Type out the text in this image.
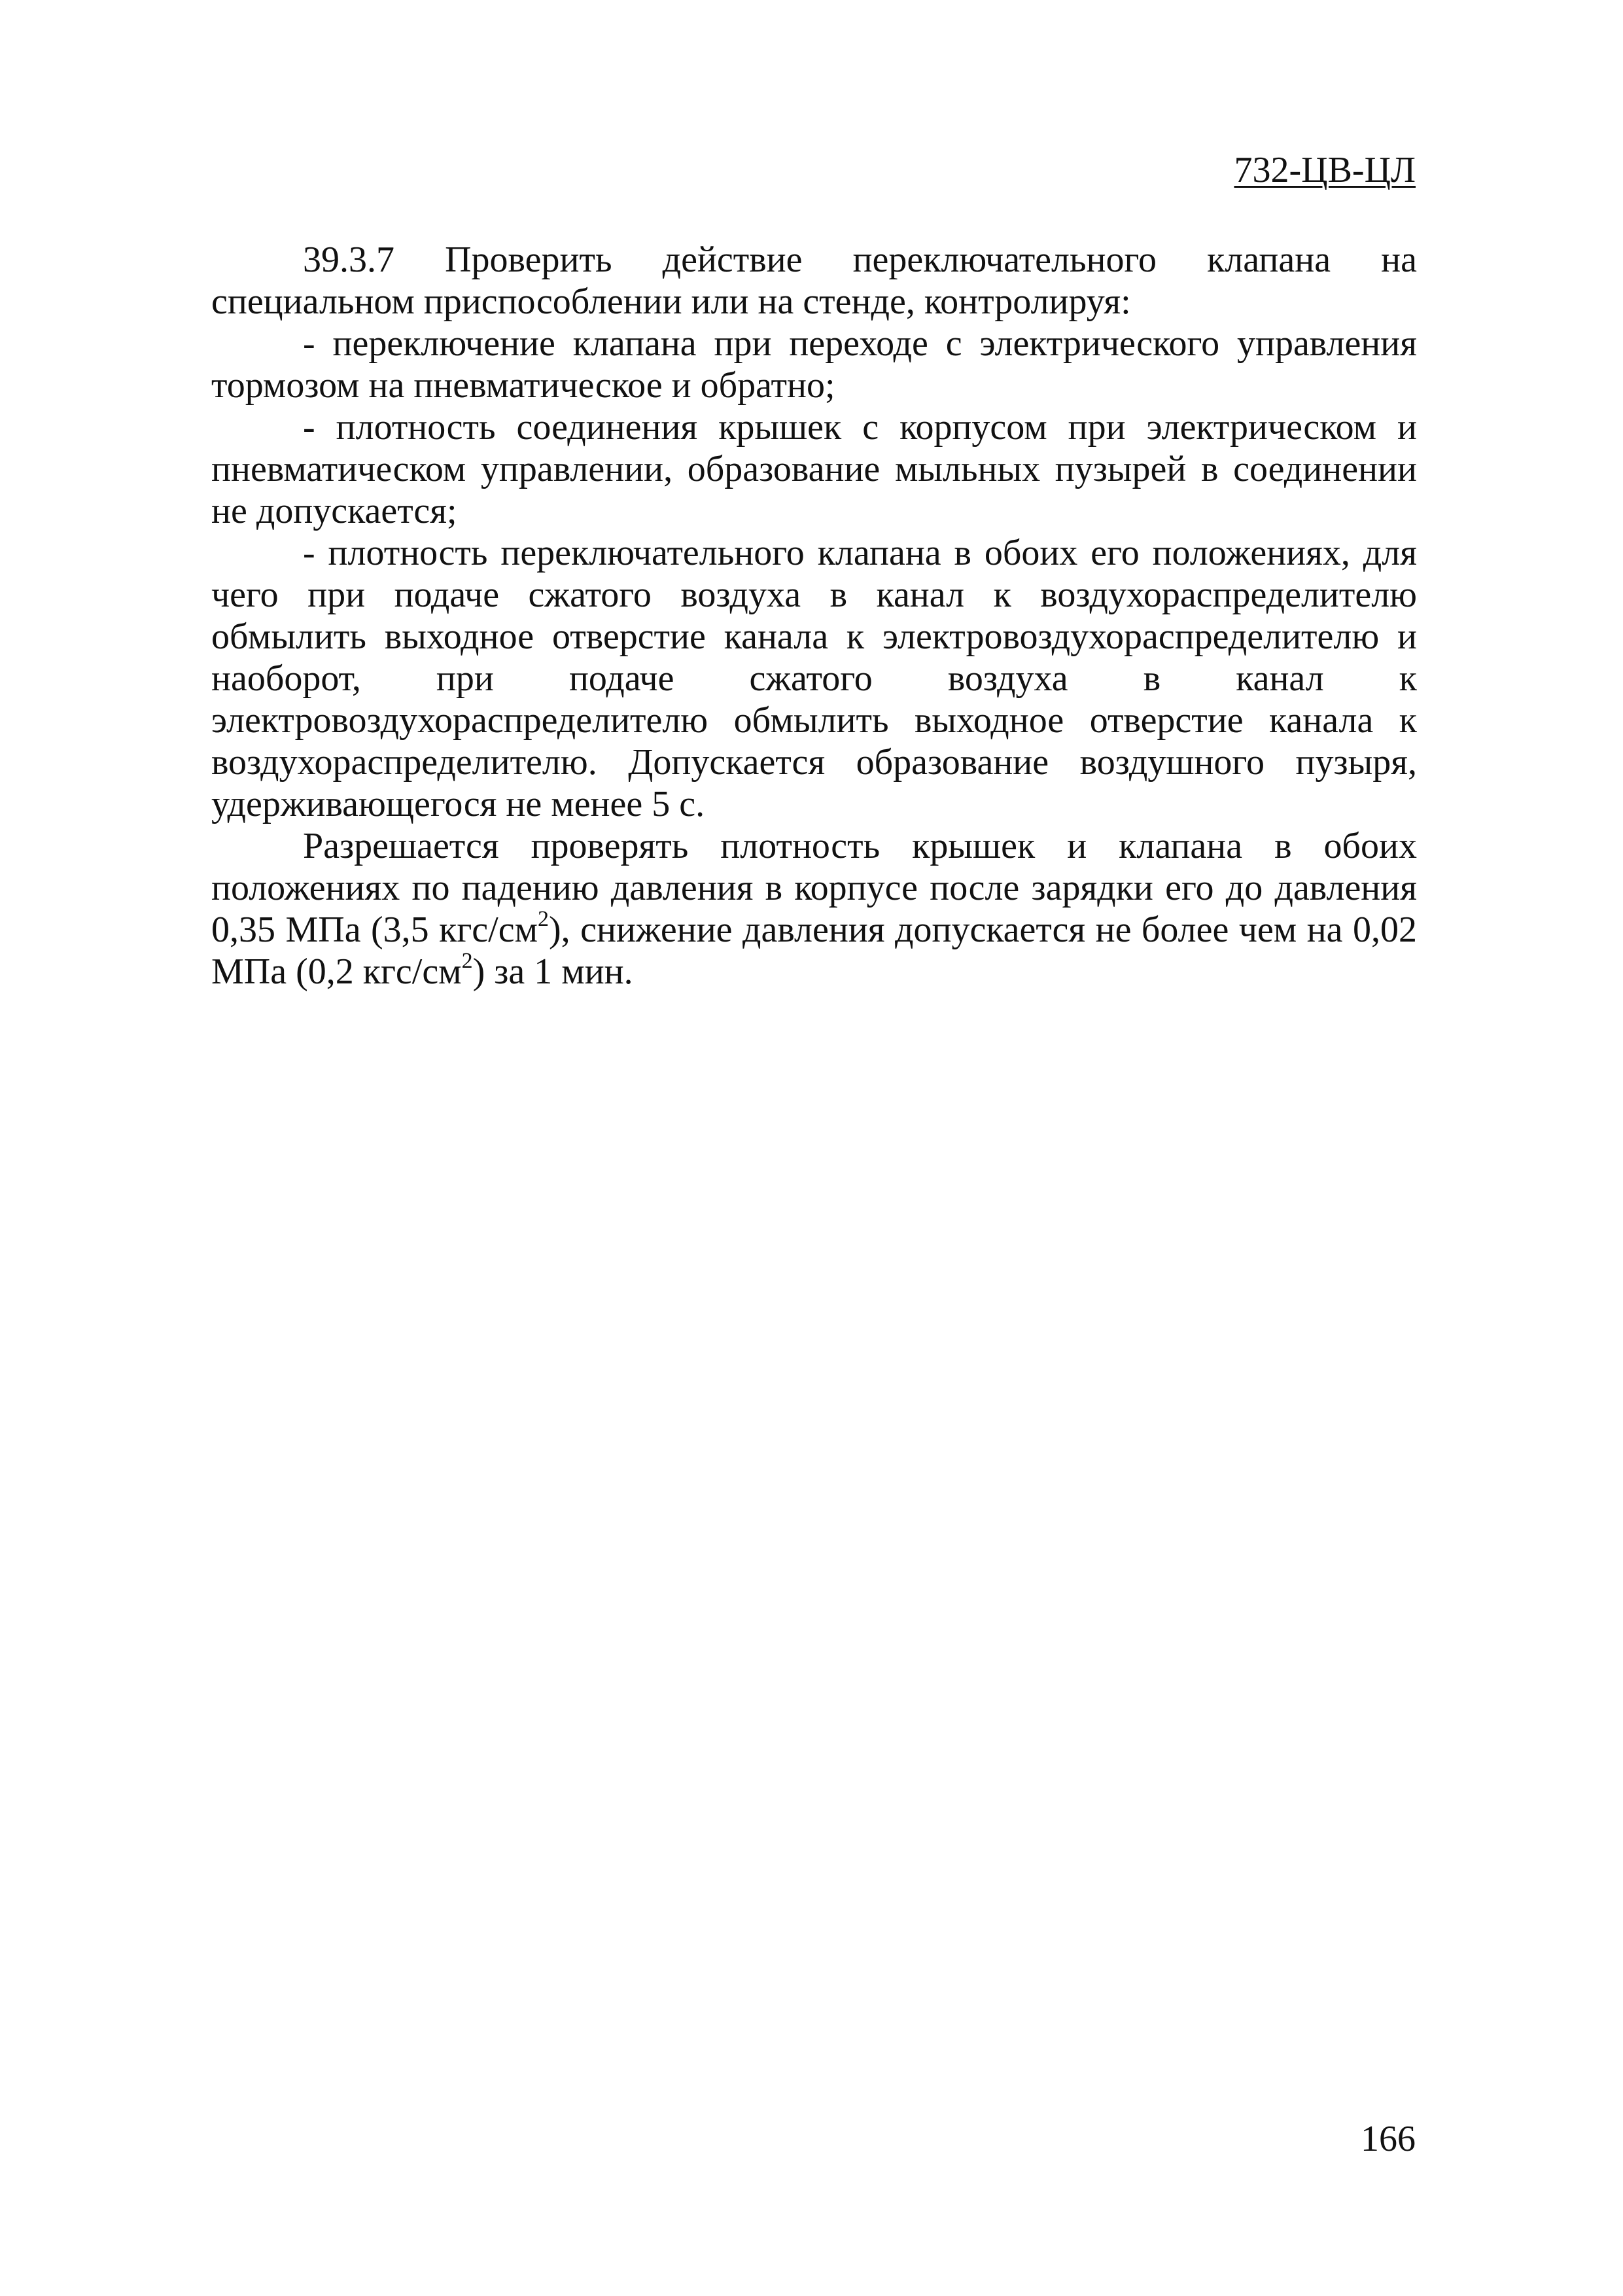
732-ЦВ-ЦЛ

39.3.7 Проверить действие переключательного клапана на специальном приспособлении или на стенде, контролируя:

- переключение клапана при переходе с электрического управления тормозом на пневматическое и обратно;

- плотность соединения крышек с корпусом при электрическом и пневматическом управлении, образование мыльных пузырей в соединении не допускается;

- плотность переключательного клапана в обоих его положениях, для чего при подаче сжатого воздуха в канал к воздухораспределителю обмылить выходное отверстие канала к электровоздухораспределителю и наоборот, при подаче сжатого воздуха в канал к электровоздухораспределителю обмылить выходное отверстие канала к воздухораспределителю. Допускается образование воздушного пузыря, удерживающегося не менее 5 с.

Разрешается проверять плотность крышек и клапана в обоих положениях по падению давления в корпусе после зарядки его до давления 0,35 МПа (3,5 кгс/$см^2$), снижение давления допускается не более чем на 0,02 МПа (0,2 кгс/$см^2$) за 1 мин.

166
